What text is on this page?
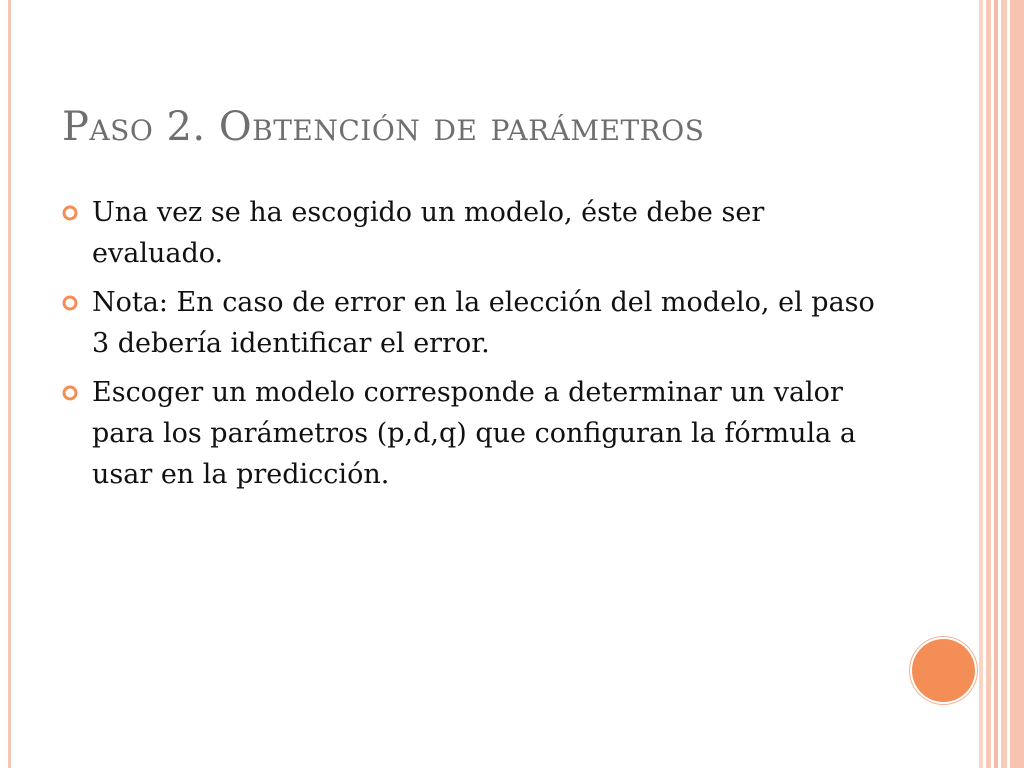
Paso 2. Obtención de parámetros
Una vez se ha escogido un modelo, éste debe ser evaluado.
Nota: En caso de error en la elección del modelo, el paso 3 debería identificar el error.
Escoger un modelo corresponde a determinar un valor para los parámetros (p,d,q) que configuran la fórmula a usar en la predicción.
